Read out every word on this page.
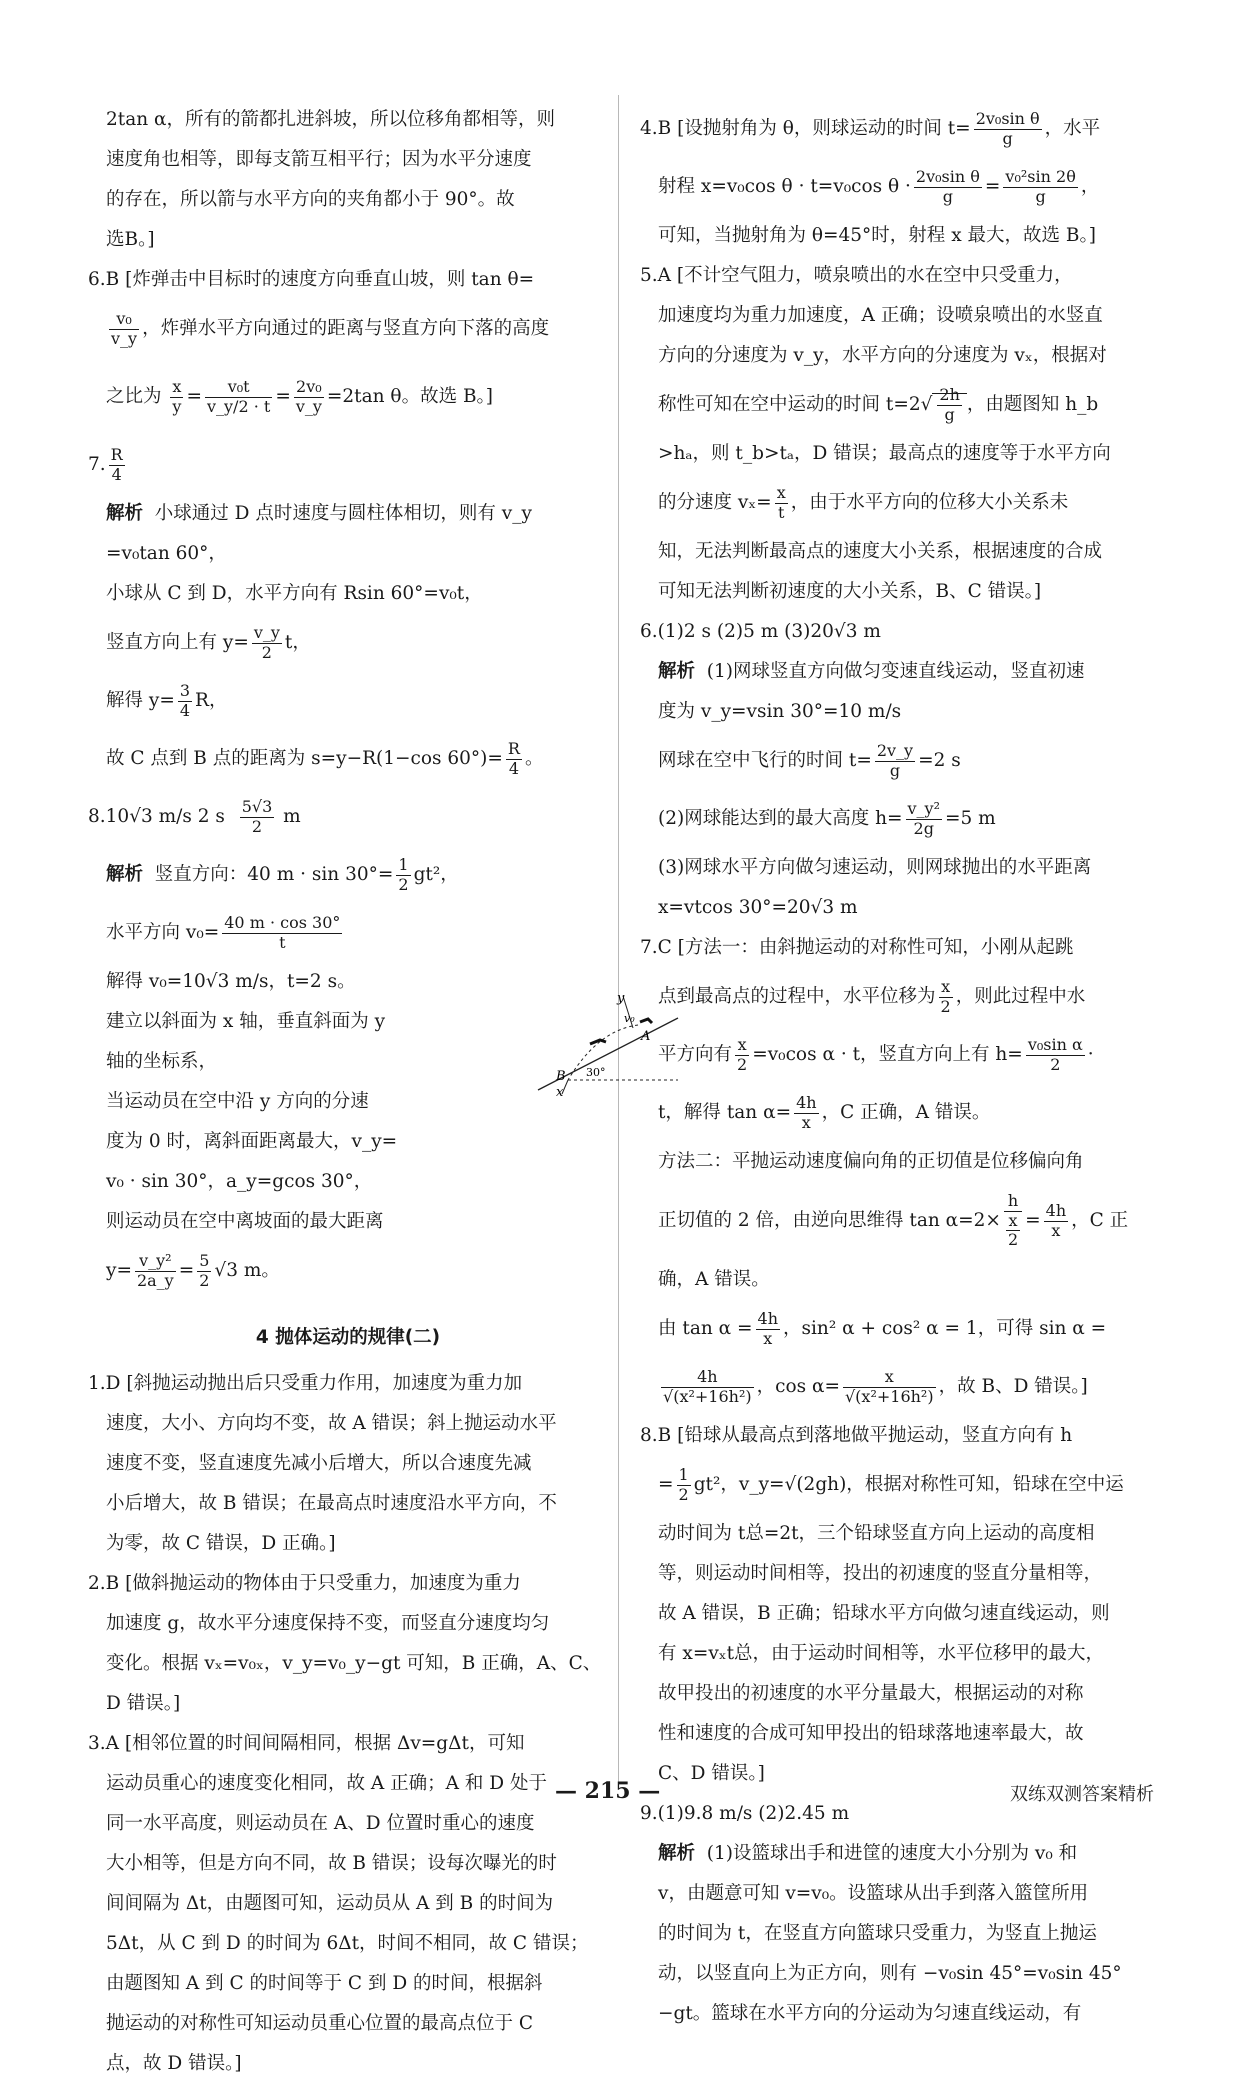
2tan α，所有的箭都扎进斜坡，所以位移角都相等，则
速度角也相等，即每支箭互相平行；因为水平分速度
的存在，所以箭与水平方向的夹角都小于 90°。故
选B。]
6.B [炸弹击中目标时的速度方向垂直山坡，则 tan θ=
$\frac{\text{v₀}}{v\_y}$ ，炸弹水平方向通过的距离与竖直方向下落的高度
之比为 $\frac{x}{y} = \frac{\text{v₀t}}{v\_y/2 \cdot t} = \frac{\text{2v₀}}{v\_y} =2\tan$ θ。故选 B。]
7. $\frac{R}{4}$
解析 小球通过 D 点时速度与圆柱体相切，则有 v_y
=v₀tan 60°，
小球从 C 到 D，水平方向有 Rsin 60°=v₀t，
竖直方向上有 $y= \frac{v\_y}{2}$ t，
解得 $y= \frac{3}{4}$ R，
故 C 点到 B 点的距离为 s=y−R(1−cos $60^\circ)= \frac{R}{4}$ 。
8.10√3 m/s 2 s $\frac{5√3}{2}$ m
解析 竖直方向：40 $m \cdot \sin 30^\circ= \frac{1}{2} gt^2$，
水平方向 $v_0= \frac{40 m \cdot \cos 30^\circ}{t}$
解得 v₀=10√3 m/s，t=2 s。
建立以斜面为 x 轴，垂直斜面为 y
轴的坐标系，
当运动员在空中沿 y 方向的分速
度为 0 时，离斜面距离最大，v_y=
v₀ · sin 30°，a_y=gcos 30°，
则运动员在空中离坡面的最大距离
$y= \frac{\text{v\_y²}}{2a\_y} = \frac{5}{2} √3$ m。
4 抛体运动的规律(二)
1.D [斜抛运动抛出后只受重力作用，加速度为重力加
速度，大小、方向均不变，故 A 错误；斜上抛运动水平
速度不变，竖直速度先减小后增大，所以合速度先减
小后增大，故 B 错误；在最高点时速度沿水平方向，不
为零，故 C 错误，D 正确。]
2.B [做斜抛运动的物体由于只受重力，加速度为重力
加速度 g，故水平分速度保持不变，而竖直分速度均匀
变化。根据 vₓ=v₀ₓ，v_y=v₀_y−gt 可知，B 正确，A、C、
D 错误。]
3.A [相邻位置的时间间隔相同，根据 Δv=gΔt，可知
运动员重心的速度变化相同，故 A 正确；A 和 D 处于
同一水平高度，则运动员在 A、D 位置时重心的速度
大小相等，但是方向不同，故 B 错误；设每次曝光的时
间间隔为 Δt，由题图可知，运动员从 A 到 B 的时间为
5Δt，从 C 到 D 的时间为 6Δt，时间不相同，故 C 错误；
由题图知 A 到 C 的时间等于 C 到 D 的时间，根据斜
抛运动的对称性可知运动员重心位置的最高点位于 C
点，故 D 错误。]
A
B
y
x
v₀
30°
4.B [设抛射角为 θ，则球运动的时间 $t= \frac{\text{2v₀sin θ}}{g}$ ，水平
射程 x=v₀cos θ · t=v₀cos $\theta \cdot \frac{\text{2v₀sin θ}}{g} = \frac{\text{v₀²sin 2θ}}{g}$ ，
可知，当抛射角为 θ=45°时，射程 x 最大，故选 B。]
5.A [不计空气阻力，喷泉喷出的水在空中只受重力，
加速度均为重力加速度，A 正确；设喷泉喷出的水竖直
方向的分速度为 v_y，水平方向的分速度为 vₓ，根据对
称性可知在空中运动的时间 $t=2√ \frac{2h}{g}$ ，由题图知 h_b
>hₐ，则 t_b>tₐ，D 错误；最高点的速度等于水平方向
的分速度 $v_x= \frac{x}{t}$ ，由于水平方向的位移大小关系未
知，无法判断最高点的速度大小关系，根据速度的合成
可知无法判断初速度的大小关系，B、C 错误。]
6.(1)2 s (2)5 m (3)20√3 m
解析 (1)网球竖直方向做匀变速直线运动，竖直初速
度为 v_y=vsin 30°=10 m/s
网球在空中飞行的时间 $t= \frac{2v\_y}{g} =2$ s
(2)网球能达到的最大高度 $h= \frac{\text{v\_y²}}{2g} =5$ m
(3)网球水平方向做匀速运动，则网球抛出的水平距离
x=vtcos 30°=20√3 m
7.C [方法一：由斜抛运动的对称性可知，小刚从起跳
点到最高点的过程中，水平位移为 $\frac{x}{2}$ ，则此过程中水
平方向有 $\frac{x}{2} =v_0\cos$ α · t，竖直方向上有 $h= \frac{\text{v₀sin α}}{2}$ ·
t，解得 $\tan \alpha= \frac{4h}{x}$ ，C 正确，A 错误。
方法二：平抛运动速度偏向角的正切值是位移偏向角
正切值的 2 倍，由逆向思维得 $\tan \alpha=2\times \frac{h}{\frac{x}{2}} = \frac{4h}{x}$ ，C 正
确，A 错误。
由 $\tan \alpha = \frac{4h}{x}$ ，sin² α + cos² α = 1，可得 sin α =
$\frac{4h}{\text{√(x²+16h²)}}$ ，$\cos \alpha= \frac{x}{\text{√(x²+16h²)}}$ ，故 B、D 错误。]
8.B [铅球从最高点到落地做平抛运动，竖直方向有 h
= $\frac{1}{2} gt^2$，v_y=√(2gh)，根据对称性可知，铅球在空中运
动时间为 t总=2t，三个铅球竖直方向上运动的高度相
等，则运动时间相等，投出的初速度的竖直分量相等，
故 A 错误，B 正确；铅球水平方向做匀速直线运动，则
有 x=vₓt总，由于运动时间相等，水平位移甲的最大，
故甲投出的初速度的水平分量最大，根据运动的对称
性和速度的合成可知甲投出的铅球落地速率最大，故
C、D 错误。]
9.(1)9.8 m/s (2)2.45 m
解析 (1)设篮球出手和进筐的速度大小分别为 v₀ 和
v，由题意可知 v=v₀。设篮球从出手到落入篮筐所用
的时间为 t，在竖直方向篮球只受重力，为竖直上抛运
动，以竖直向上为正方向，则有 −v₀sin 45°=v₀sin 45°
−gt。篮球在水平方向的分运动为匀速直线运动，有
— 215 —	双练双测答案精析
